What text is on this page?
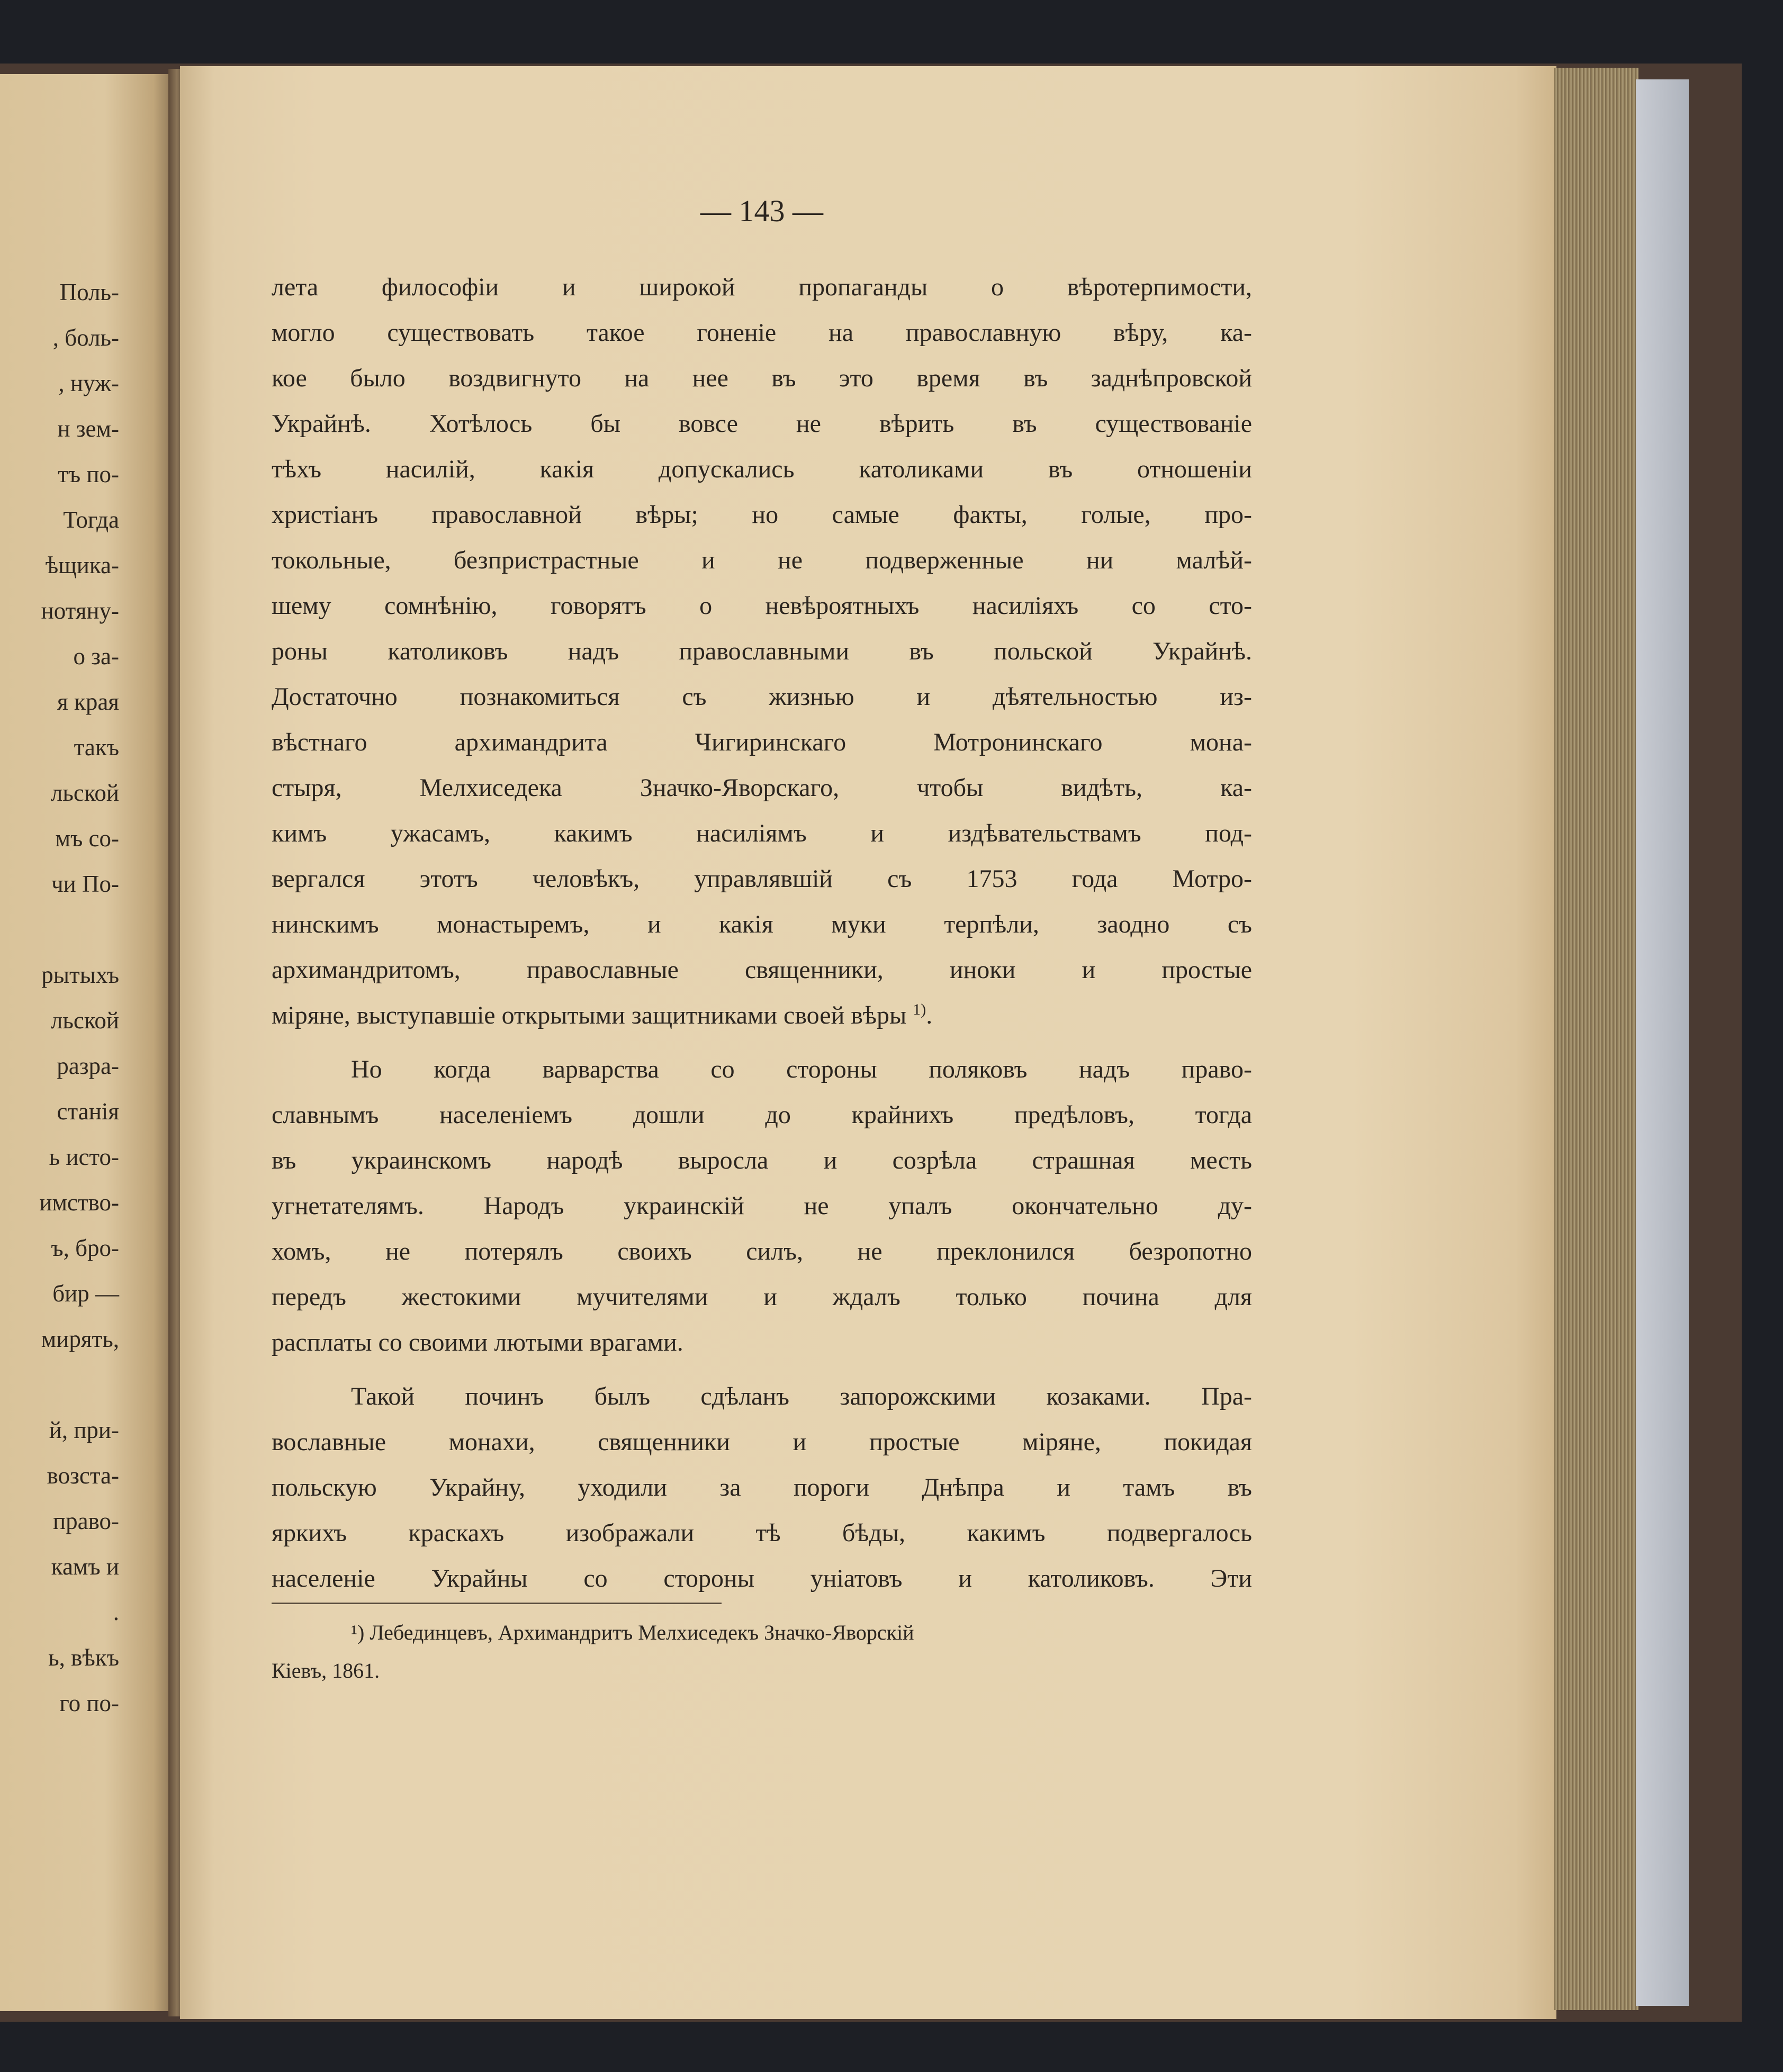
Поль-
, боль-
, нуж-
н зем-
тъ по-
Тогда
ѣщика-
нотяну-
о за-
я края
такъ
льской
мъ со-
чи По-
рытыхъ
льской
разра-
станія
ь исто-
имство-
ъ, бро-
бир —
мирять,
й, при-
возста-
право-
камъ и
.
ь, вѣкъ
го по-
— 143 —
лета философіи и широкой пропаганды о вѣротерпимости,
могло существовать такое гоненіе на православную вѣру, ка-
кое было воздвигнуто на нее въ это время въ заднѣпровской
Украйнѣ. Хотѣлось бы вовсе не вѣрить въ существованіе
тѣхъ насилій, какія допускались католиками въ отношеніи
христіанъ православной вѣры; но самые факты, голые, про-
токольные, безпристрастные и не подверженные ни малѣй-
шему сомнѣнію, говорятъ о невѣроятныхъ насиліяхъ со сто-
роны католиковъ надъ православными въ польской Украйнѣ.
Достаточно познакомиться съ жизнью и дѣятельностью из-
вѣстнаго архимандрита Чигиринскаго Мотронинскаго мона-
стыря, Мелхиседека Значко-Яворскаго, чтобы видѣть, ка-
кимъ ужасамъ, какимъ насиліямъ и издѣвательствамъ под-
вергался этотъ человѣкъ, управлявшій съ 1753 года Мотро-
нинскимъ монастыремъ, и какія муки терпѣли, заодно съ
архимандритомъ, православные священники, иноки и простые
міряне, выступавшіе открытыми защитниками своей вѣры $^{1)}$.
Но когда варварства со стороны поляковъ надъ право-
славнымъ населеніемъ дошли до крайнихъ предѣловъ, тогда
въ украинскомъ народѣ выросла и созрѣла страшная месть
угнетателямъ. Народъ украинскій не упалъ окончательно ду-
хомъ, не потерялъ своихъ силъ, не преклонился безропотно
передъ жестокими мучителями и ждалъ только почина для
расплаты со своими лютыми врагами.
Такой починъ былъ сдѣланъ запорожскими козаками. Пра-
вославные монахи, священники и простые міряне, покидая
польскую Украйну, уходили за пороги Днѣпра и тамъ въ
яркихъ краскахъ изображали тѣ бѣды, какимъ подвергалось
населеніе Украйны со стороны уніатовъ и католиковъ. Эти
¹) Лебединцевъ, Архимандритъ Мелхиседекъ Значко-Яворскій
Кіевъ, 1861.
